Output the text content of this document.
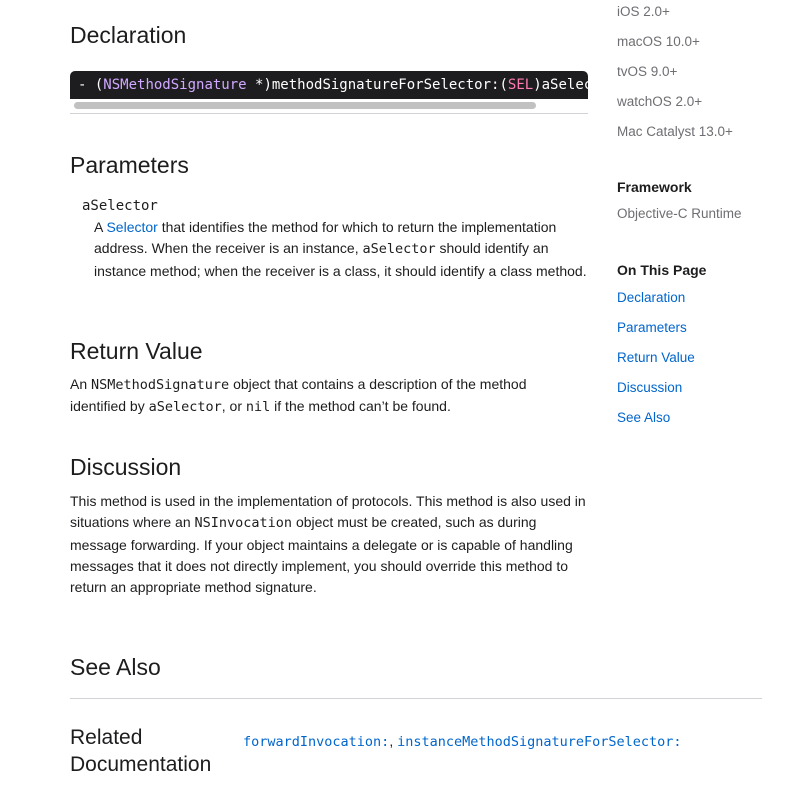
Declaration
- (NSMethodSignature *)methodSignatureForSelector:(SEL)aSelector;
Parameters
aSelector
A Selector that identifies the method for which to return the implementation address. When the receiver is an instance, aSelector should identify an instance method; when the receiver is a class, it should identify a class method.
Return Value
An NSMethodSignature object that contains a description of the method identified by aSelector, or nil if the method can’t be found.
Discussion
This method is used in the implementation of protocols. This method is also used in situations where an NSInvocation object must be created, such as during message forwarding. If your object maintains a delegate or is capable of handling messages that it does not directly implement, you should override this method to return an appropriate method signature.
See Also
Related
Documentation
forwardInvocation:, instanceMethodSignatureForSelector:
iOS 2.0+
macOS 10.0+
tvOS 9.0+
watchOS 2.0+
Mac Catalyst 13.0+
Framework
Objective-C Runtime
On This Page
Declaration
Parameters
Return Value
Discussion
See Also
